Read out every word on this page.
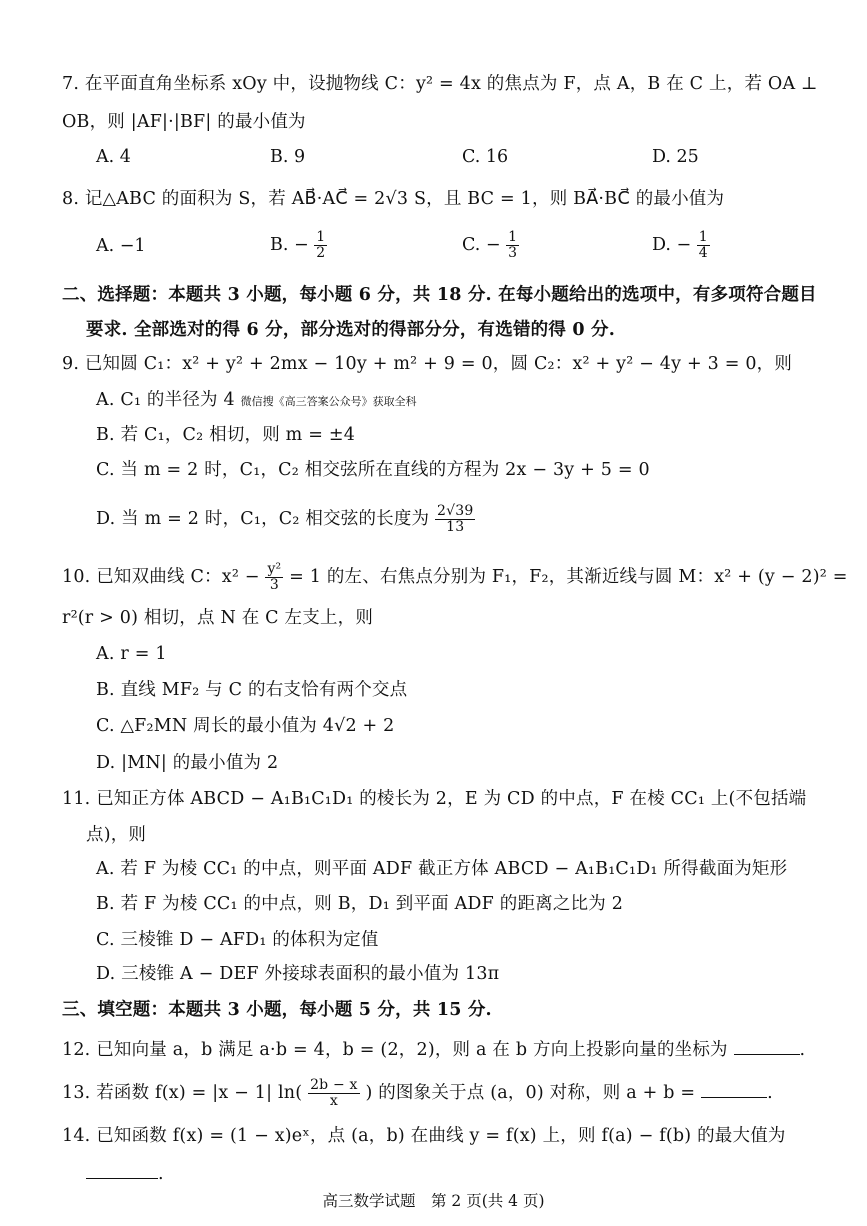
7. 在平面直角坐标系 xOy 中，设抛物线 C：y² = 4x 的焦点为 F，点 A，B 在 C 上，若 OA ⊥
OB，则 |AF|·|BF| 的最小值为
A. 4	B. 9	C. 16	D. 25
8. 记△ABC 的面积为 S，若 AB⃗·AC⃗ = 2√3 S，且 BC = 1，则 BA⃗·BC⃗ 的最小值为
A. −1	B. − $\frac{1}{2}$	C. − $\frac{1}{3}$	D. − $\frac{1}{4}$
二、选择题：本题共 3 小题，每小题 6 分，共 18 分. 在每小题给出的选项中，有多项符合题目
要求. 全部选对的得 6 分，部分选对的得部分分，有选错的得 0 分.
9. 已知圆 C₁：x² + y² + 2mx − 10y + m² + 9 = 0，圆 C₂：x² + y² − 4y + 3 = 0，则
A. C₁ 的半径为 4 微信搜《高三答案公众号》获取全科
B. 若 C₁，C₂ 相切，则 m = ±4
C. 当 m = 2 时，C₁，C₂ 相交弦所在直线的方程为 2x − 3y + 5 = 0
D. 当 m = 2 时，C₁，C₂ 相交弦的长度为 $\frac{2√39}{13}$
10. 已知双曲线 C：$x^2 - \frac{\text{y²}}{3} = 1$ 的左、右焦点分别为 F₁，F₂，其渐近线与圆 M：x² + (y − 2)² =
r²(r > 0) 相切，点 N 在 C 左支上，则
A. r = 1
B. 直线 MF₂ 与 C 的右支恰有两个交点
C. △F₂MN 周长的最小值为 4√2 + 2
D. |MN| 的最小值为 2
11. 已知正方体 ABCD − A₁B₁C₁D₁ 的棱长为 2，E 为 CD 的中点，F 在棱 CC₁ 上(不包括端
点)，则
A. 若 F 为棱 CC₁ 的中点，则平面 ADF 截正方体 ABCD − A₁B₁C₁D₁ 所得截面为矩形
B. 若 F 为棱 CC₁ 的中点，则 B，D₁ 到平面 ADF 的距离之比为 2
C. 三棱锥 D − AFD₁ 的体积为定值
D. 三棱锥 A − DEF 外接球表面积的最小值为 13π
三、填空题：本题共 3 小题，每小题 5 分，共 15 分.
12. 已知向量 a，b 满足 a·b = 4，b = (2，2)，则 a 在 b 方向上投影向量的坐标为	.
13. 若函数 f(x) = |x − 1| $\ln( \frac{2b - x}{x}$ ) 的图象关于点 (a，0) 对称，则 a + b =	.
14. 已知函数 f(x) = (1 − x)eˣ，点 (a，b) 在曲线 y = f(x) 上，则 f(a) − f(b) 的最大值为
.
高三数学试题　第 2 页(共 4 页)
